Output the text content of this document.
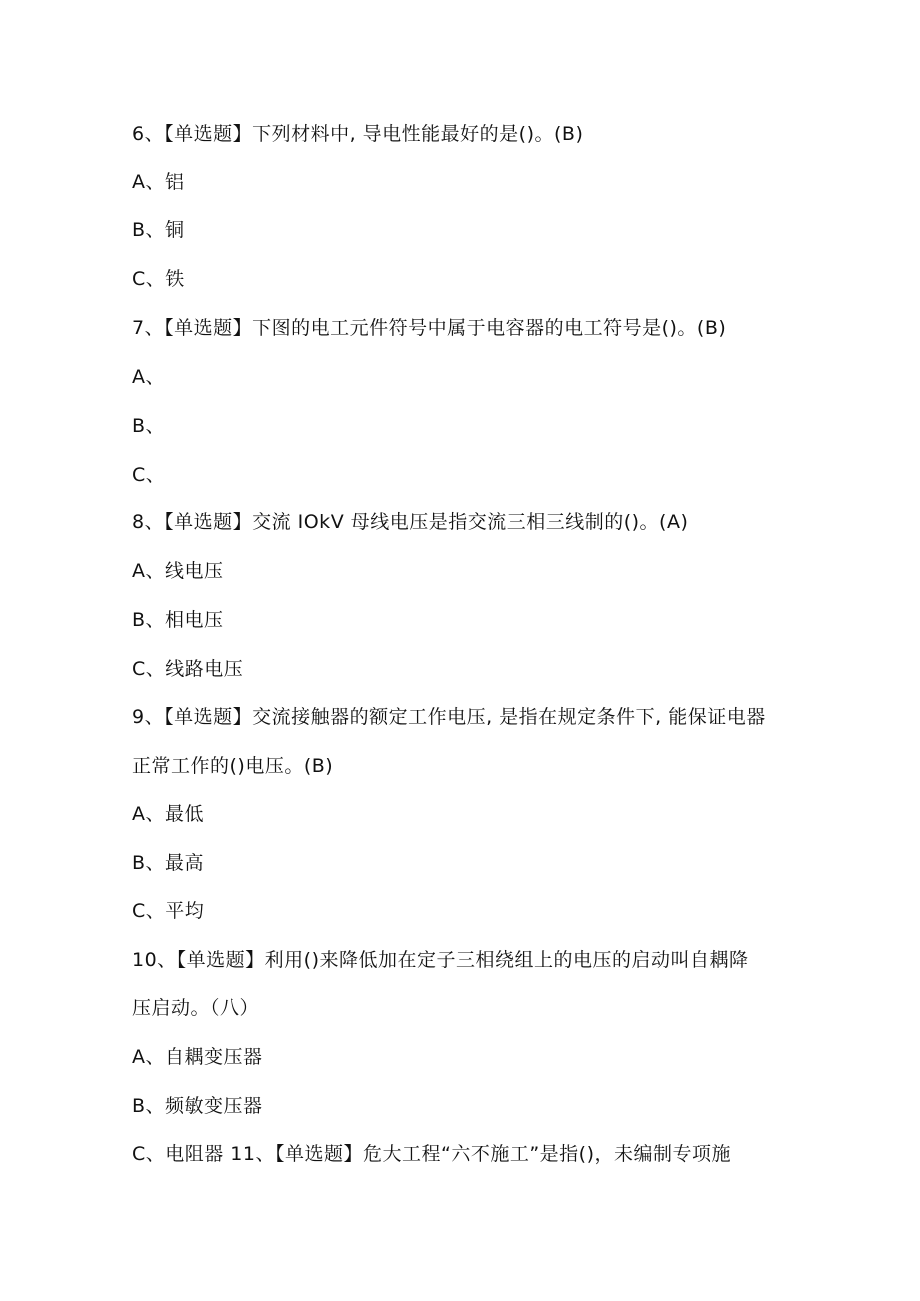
6、【单选题】下列材料中, 导电性能最好的是()。(B)
A、铝
B、铜
C、铁
7、【单选题】下图的电工元件符号中属于电容器的电工符号是()。(B)
A、
B、
C、
8、【单选题】交流 IOkV 母线电压是指交流三相三线制的()。(A)
A、线电压
B、相电压
C、线路电压
9、【单选题】交流接触器的额定工作电压, 是指在规定条件下, 能保证电器
正常工作的()电压。(B)
A、最低
B、最高
C、平均
10、【单选题】利用()来降低加在定子三相绕组上的电压的启动叫自耦降
压启动。（八）
A、自耦变压器
B、频敏变压器
C、电阻器 11、【单选题】危大工程“六不施工”是指()，未编制专项施
